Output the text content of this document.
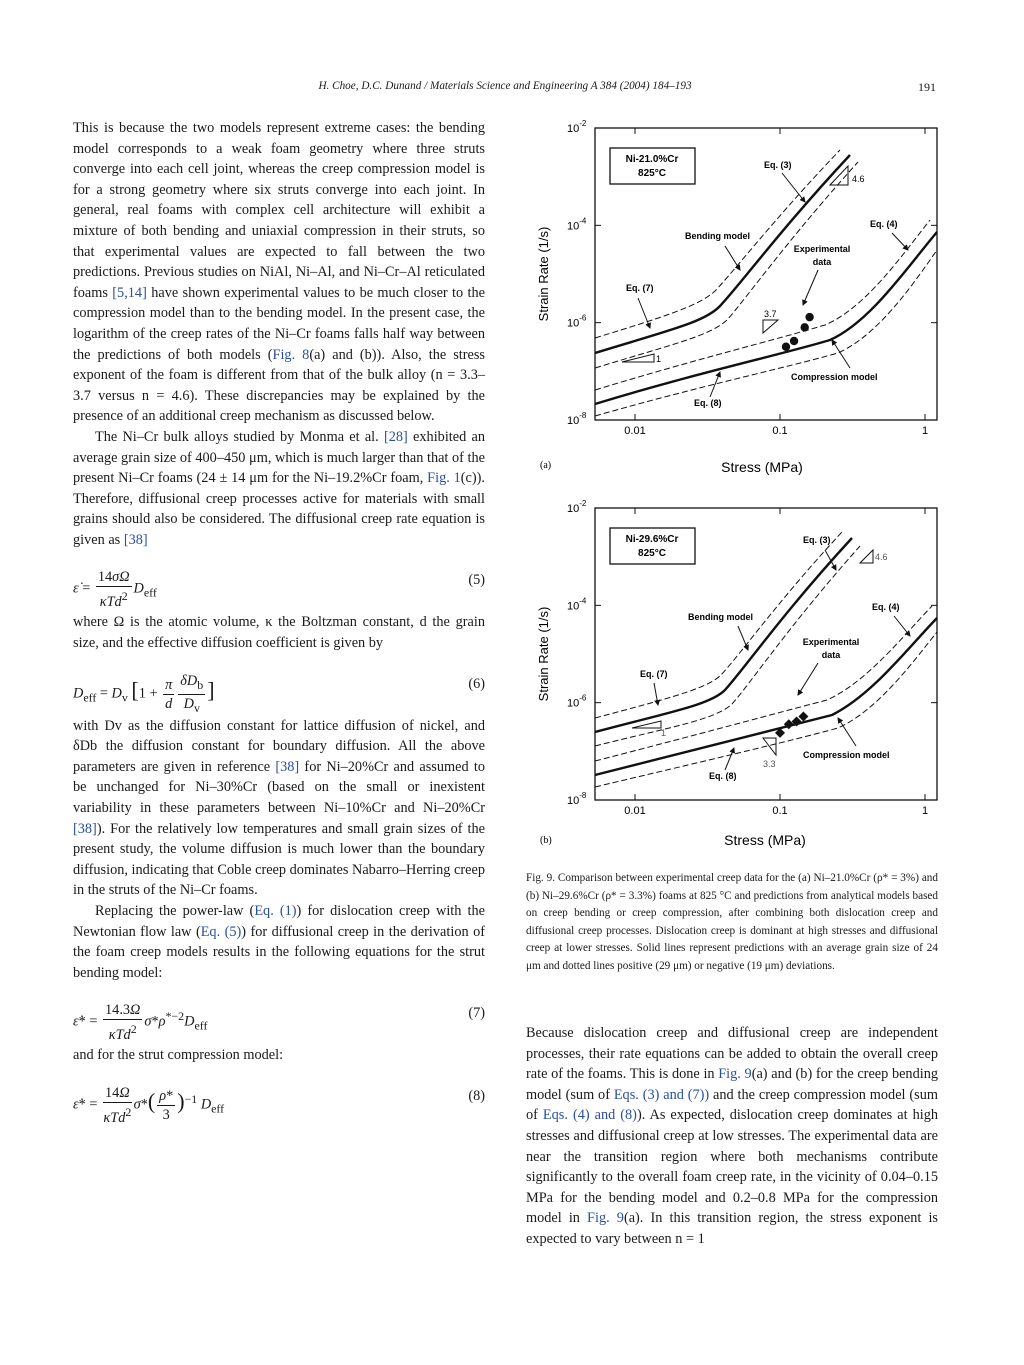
H. Choe, D.C. Dunand / Materials Science and Engineering A 384 (2004) 184–193	191

This is because the two models represent extreme cases: the bending model corresponds to a weak foam geometry where three struts converge into each cell joint, whereas the creep compression model is for a strong geometry where six struts converge into each joint. In general, real foams with complex cell architecture will exhibit a mixture of both bending and uniaxial compression in their struts, so that experimental values are expected to fall between the two predictions. Previous studies on NiAl, Ni–Al, and Ni–Cr–Al reticulated foams [5,14] have shown experimental values to be much closer to the compression model than to the bending model. In the present case, the logarithm of the creep rates of the Ni–Cr foams falls half way between the predictions of both models (Fig. 8(a) and (b)). Also, the stress exponent of the foam is different from that of the bulk alloy (n = 3.3–3.7 versus n = 4.6). These discrepancies may be explained by the presence of an additional creep mechanism as discussed below.

The Ni–Cr bulk alloys studied by Monma et al. [28] exhibited an average grain size of 400–450 μm, which is much larger than that of the present Ni–Cr foams (24 ± 14 μm for the Ni–19.2%Cr foam, Fig. 1(c)). Therefore, diffusional creep processes active for materials with small grains should also be considered. The diffusional creep rate equation is given as [38]

ε̇ = $\frac{14\sigma\Omega}{\kappa Td^2} D_{eff}$
(5)

where Ω is the atomic volume, κ the Boltzman constant, d the grain size, and the effective diffusion coefficient is given by

$D_{eff} = D_v$ [$1 + \frac{\pi}{d} \frac{\delta D_b}{D_v}$ ]	(6)

with Dv as the diffusion constant for lattice diffusion of nickel, and δDb the diffusion constant for boundary diffusion. All the above parameters are given in reference [38] for Ni–20%Cr and assumed to be unchanged for Ni–30%Cr (based on the small or inexistent variability in these parameters between Ni–10%Cr and Ni–20%Cr [38]). For the relatively low temperatures and small grain sizes of the present study, the volume diffusion is much lower than the boundary diffusion, indicating that Coble creep dominates Nabarro–Herring creep in the struts of the Ni–Cr foams.

Replacing the power-law (Eq. (1)) for dislocation creep with the Newtonian flow law (Eq. (5)) for diffusional creep in the derivation of the foam creep models results in the following equations for the strut bending model:

ε̇* = $\frac{14.3\Omega}{\kappa Td^2} \sigma*\rho^{*-2}D_{eff}$
(7)

and for the strut compression model:

ε̇* = $\frac{14\Omega}{\kappa Td^2} \sigma*( \frac{\rho*}{3} )^{-1}$ $D_{eff}$
(8)
0.01	0.1	1
$10^{-2}$
$10^{-4}$
$10^{-6}$
$10^{-8}$
Strain Rate (1/s)
Stress (MPa)
(a)
Ni-21.0%Cr
825°C
Eq. (3)
4.6
Eq. (4)
Bending model
Experimental
data
Eq. (7)
3.7
1
Compression model
Eq. (8)
0.01	0.1	1
$10^{-2}$
$10^{-4}$
$10^{-6}$
$10^{-8}$
Strain Rate (1/s)
Stress (MPa)
(b)
Ni-29.6%Cr
825°C
Eq. (3)
4.6
Eq. (4)
Bending model
Experimental
data
Eq. (7)
1
3.3
Compression model
Eq. (8)
Fig. 9. Comparison between experimental creep data for the (a) Ni–21.0%Cr (ρ* = 3%) and (b) Ni–29.6%Cr (ρ* = 3.3%) foams at 825 °C and predictions from analytical models based on creep bending or creep compression, after combining both dislocation creep and diffusional creep processes. Dislocation creep is dominant at high stresses and diffusional creep at lower stresses. Solid lines represent predictions with an average grain size of 24 μm and dotted lines positive (29 μm) or negative (19 μm) deviations.

Because dislocation creep and diffusional creep are independent processes, their rate equations can be added to obtain the overall creep rate of the foams. This is done in Fig. 9(a) and (b) for the creep bending model (sum of Eqs. (3) and (7)) and the creep compression model (sum of Eqs. (4) and (8)). As expected, dislocation creep dominates at high stresses and diffusional creep at low stresses. The experimental data are near the transition region where both mechanisms contribute significantly to the overall foam creep rate, in the vicinity of 0.04–0.15 MPa for the bending model and 0.2–0.8 MPa for the compression model in Fig. 9(a). In this transition region, the stress exponent is expected to vary between n = 1
